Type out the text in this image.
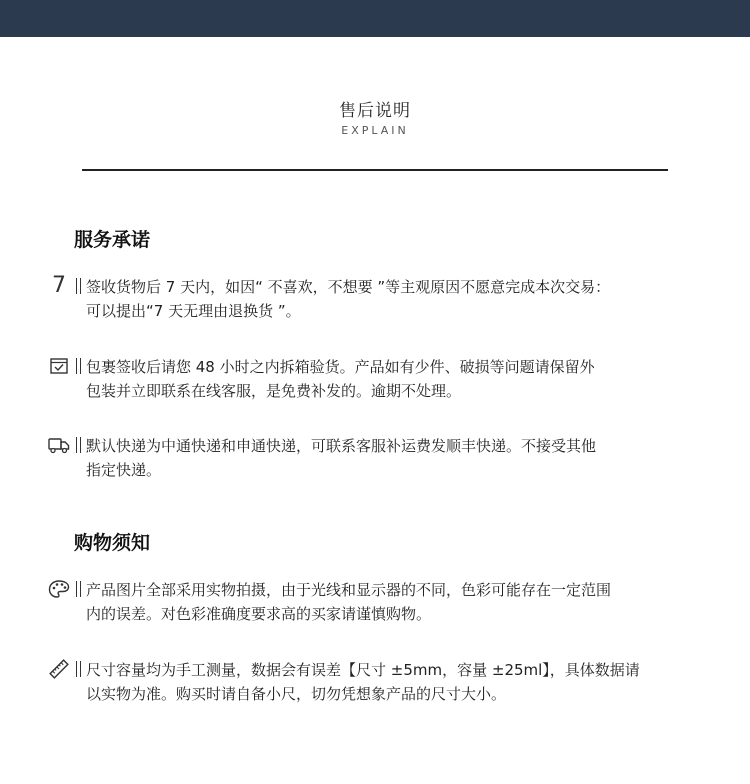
售后说明
EXPLAIN
服务承诺
7 签收货物后 7 天内，如因“ 不喜欢，不想要 ”等主观原因不愿意完成本次交易：
可以提出“7 天无理由退换货 ”。
包裹签收后请您 48 小时之内拆箱验货。产品如有少件、破损等问题请保留外
包装并立即联系在线客服，是免费补发的。逾期不处理。
默认快递为中通快递和申通快递，可联系客服补运费发顺丰快递。不接受其他
指定快递。
购物须知
产品图片全部采用实物拍摄，由于光线和显示器的不同，色彩可能存在一定范围
内的误差。对色彩准确度要求高的买家请谨慎购物。
尺寸容量均为手工测量，数据会有误差【尺寸 ±5mm，容量 ±25ml】，具体数据请
以实物为准。购买时请自备小尺，切勿凭想象产品的尺寸大小。
